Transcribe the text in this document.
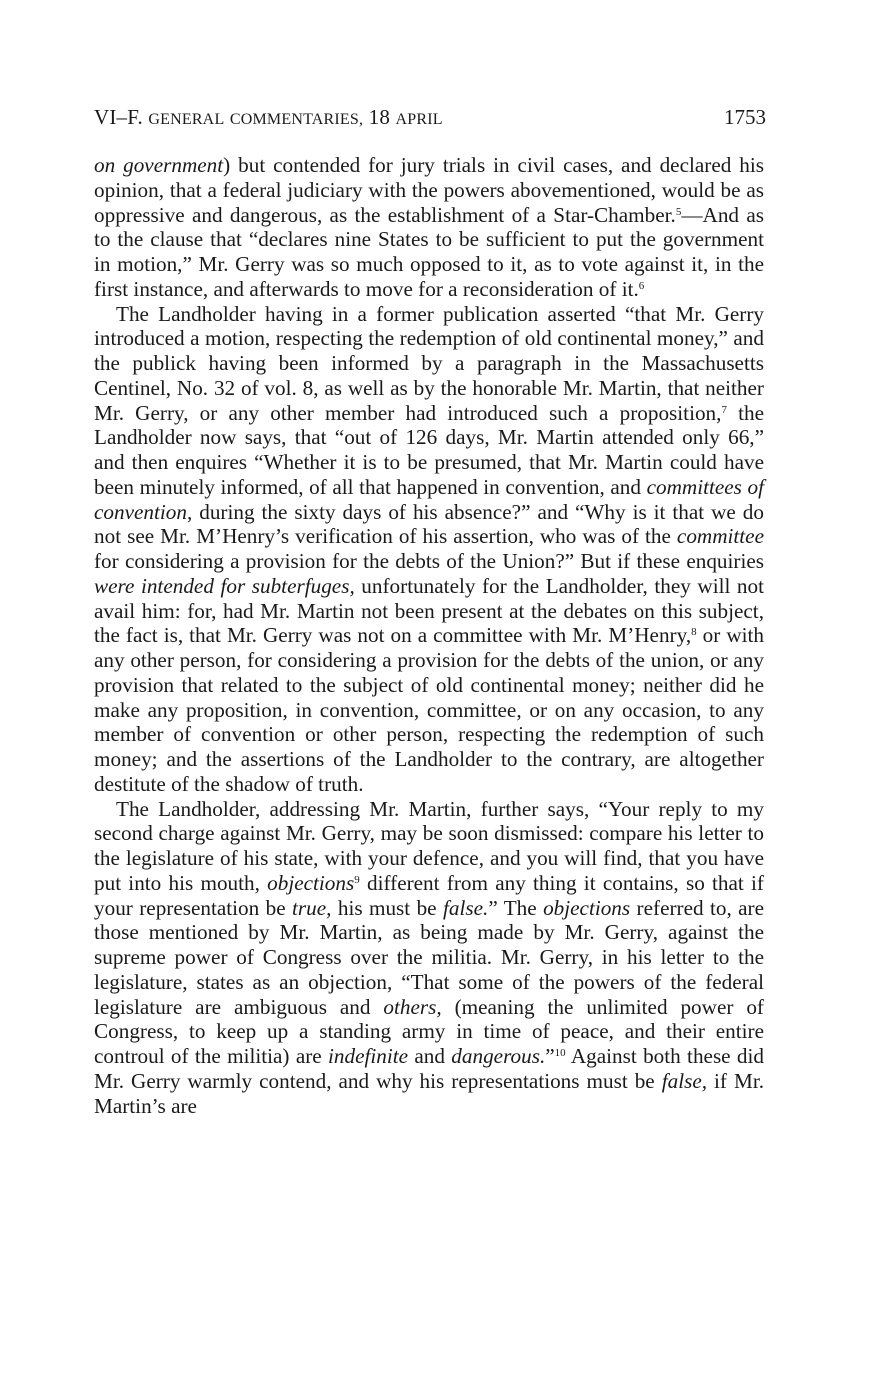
VI–F. GENERAL COMMENTARIES, 18 APRIL	1753

on government) but contended for jury trials in civil cases, and declared his opinion, that a federal judiciary with the powers abovementioned, would be as oppressive and dangerous, as the establishment of a Star-Chamber.$^5$—And as to the clause that “declares nine States to be sufficient to put the government in motion,” Mr. Gerry was so much opposed to it, as to vote against it, in the first instance, and afterwards to move for a reconsideration of it.$^6$

The Landholder having in a former publication asserted “that Mr. Gerry introduced a motion, respecting the redemption of old continental money,” and the publick having been informed by a paragraph in the Massachusetts Centinel, No. 32 of vol. 8, as well as by the honorable Mr. Martin, that neither Mr. Gerry, or any other member had introduced such a proposition,$^7$ the Landholder now says, that “out of 126 days, Mr. Martin attended only 66,” and then enquires “Whether it is to be presumed, that Mr. Martin could have been minutely informed, of all that happened in convention, and committees of convention, during the sixty days of his absence?” and “Why is it that we do not see Mr. M’Henry’s verification of his assertion, who was of the committee for considering a provision for the debts of the Union?” But if these enquiries were intended for subterfuges, unfortunately for the Landholder, they will not avail him: for, had Mr. Martin not been present at the debates on this subject, the fact is, that Mr. Gerry was not on a committee with Mr. M’Henry,$^8$ or with any other person, for considering a provision for the debts of the union, or any provision that related to the subject of old continental money; neither did he make any proposition, in convention, committee, or on any occasion, to any member of convention or other person, respecting the redemption of such money; and the assertions of the Landholder to the contrary, are altogether destitute of the shadow of truth.

The Landholder, addressing Mr. Martin, further says, “Your reply to my second charge against Mr. Gerry, may be soon dismissed: compare his letter to the legislature of his state, with your defence, and you will find, that you have put into his mouth, objections$^9$ different from any thing it contains, so that if your representation be true, his must be false.” The objections referred to, are those mentioned by Mr. Martin, as being made by Mr. Gerry, against the supreme power of Congress over the militia. Mr. Gerry, in his letter to the legislature, states as an objection, “That some of the powers of the federal legislature are ambiguous and others, (meaning the unlimited power of Congress, to keep up a standing army in time of peace, and their entire controul of the militia) are indefinite and dangerous.”$^{10}$ Against both these did Mr. Gerry warmly contend, and why his representations must be false, if Mr. Martin’s are
